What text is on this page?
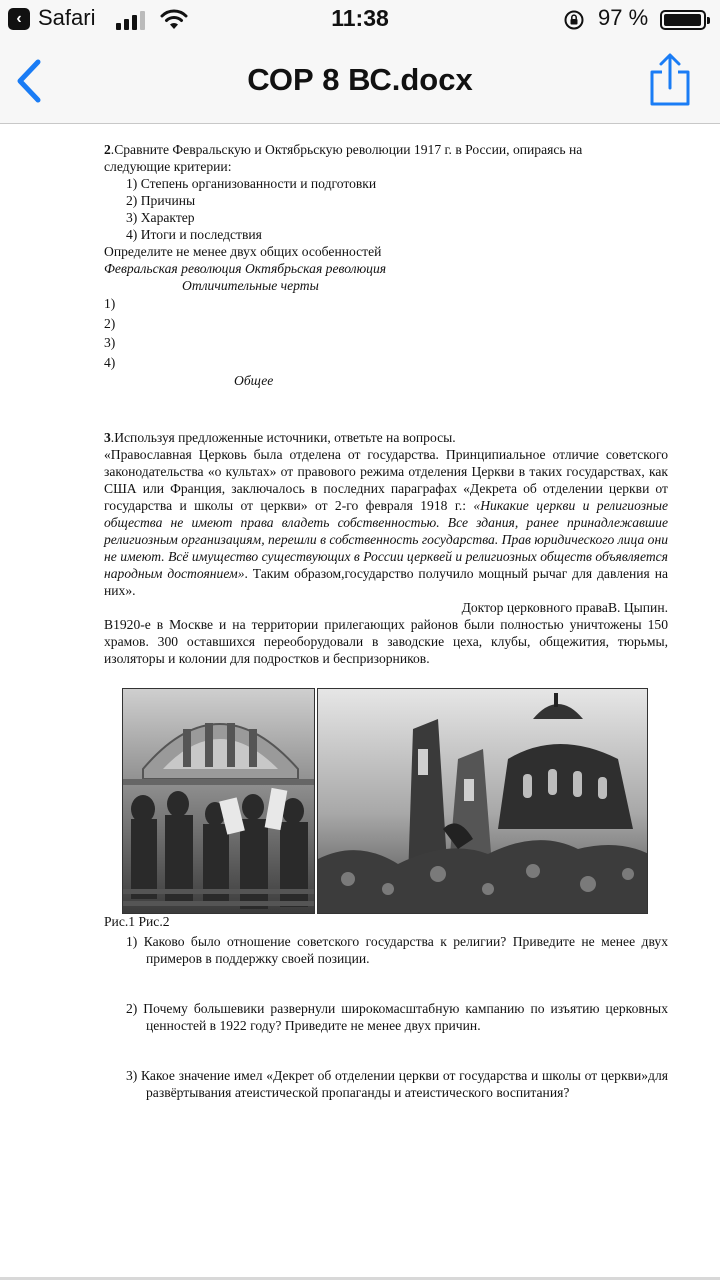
‹ Safari	11:38	97 %
СОР 8 ВС.docx

2.Сравните Февральскую и Октябрьскую революции 1917 г. в России, опираясь на

следующие критерии:

1) Степень организованности и подготовки

2) Причины

3) Характер

4) Итоги и последствия

Определите не менее двух общих особенностей

Февральская революция Октябрьская революция

Отличительные черты

1)

2)

3)

4)

Общее

3.Используя предложенные источники, ответьте на вопросы.

«Православная Церковь была отделена от государства. Принципиальное отличие советского законодательства «о культах» от правового режима отделения Церкви в таких государствах, как США или Франция, заключалось в последних параграфах «Декрета об отделении церкви от государства и школы от церкви» от 2-го февраля 1918 г.: «Никакие церкви и религиозные общества не имеют права владеть собственностью. Все здания, ранее принадлежавшие религиозным организациям, перешли в собственность государства. Прав юридического лица они не имеют. Всё имущество существующих в России церквей и религиозных обществ объявляется народным достоянием». Таким образом,государство получило мощный рычаг для давления на них».

Доктор церковного праваВ. Цыпин.

В1920-е в Москве и на территории прилегающих районов были полностью уничтожены 150 храмов. 300 оставшихся переоборудовали в заводские цеха, клубы, общежития, тюрьмы, изоляторы и колонии для подростков и беспризорников.

Рис.1 Рис.2

1) Каково было отношение советского государства к религии? Приведите не менее двух примеров в поддержку своей позиции.

2) Почему большевики развернули широкомасштабную кампанию по изъятию церковных ценностей в 1922 году? Приведите не менее двух причин.

3) Какое значение имел «Декрет об отделении церкви от государства и школы от церкви»для развёртывания атеистической пропаганды и атеистического воспитания?
